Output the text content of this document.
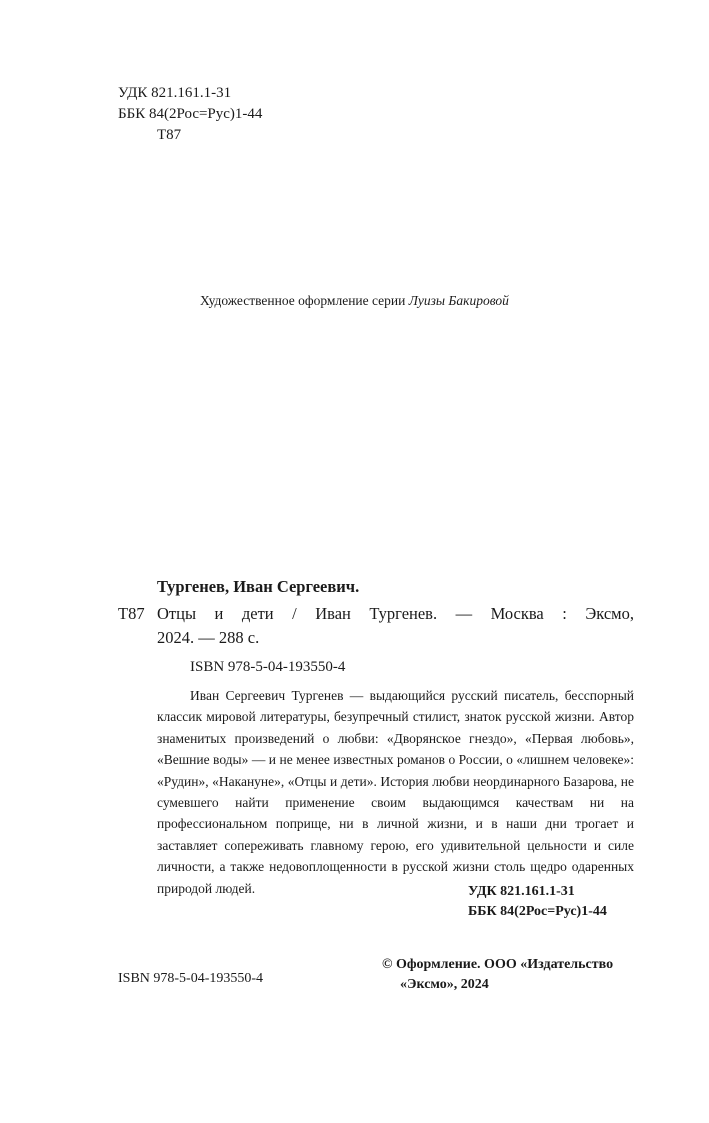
УДК 821.161.1-31
ББК 84(2Рос=Рус)1-44
Т87
Художественное оформление серии Луизы Бакировой
Тургенев, Иван Сергеевич.
Т87 Отцы и дети / Иван Тургенев. — Москва : Эксмо,
2024. — 288 с.
ISBN 978-5-04-193550-4

Иван Сергеевич Тургенев — выдающийся русский писатель, бесспорный классик мировой литературы, безупречный стилист, знаток русской жизни. Автор знаменитых произведений о любви: «Дворянское гнездо», «Первая любовь», «Вешние воды» — и не менее известных романов о России, о «лишнем человеке»: «Рудин», «Накануне», «Отцы и дети». История любви неординарного Базарова, не сумевшего найти применение своим выдающимся качествам ни на профессиональном поприще, ни в личной жизни, и в наши дни трогает и заставляет сопереживать главному герою, его удивительной цельности и силе личности, а также недовоплощенности в русской жизни столь щедро одаренных природой людей.	УДК 821.161.1-31
ББК 84(2Рос=Рус)1-44
ISBN 978-5-04-193550-4
© Оформление. ООО «Издательство
«Эксмо», 2024
